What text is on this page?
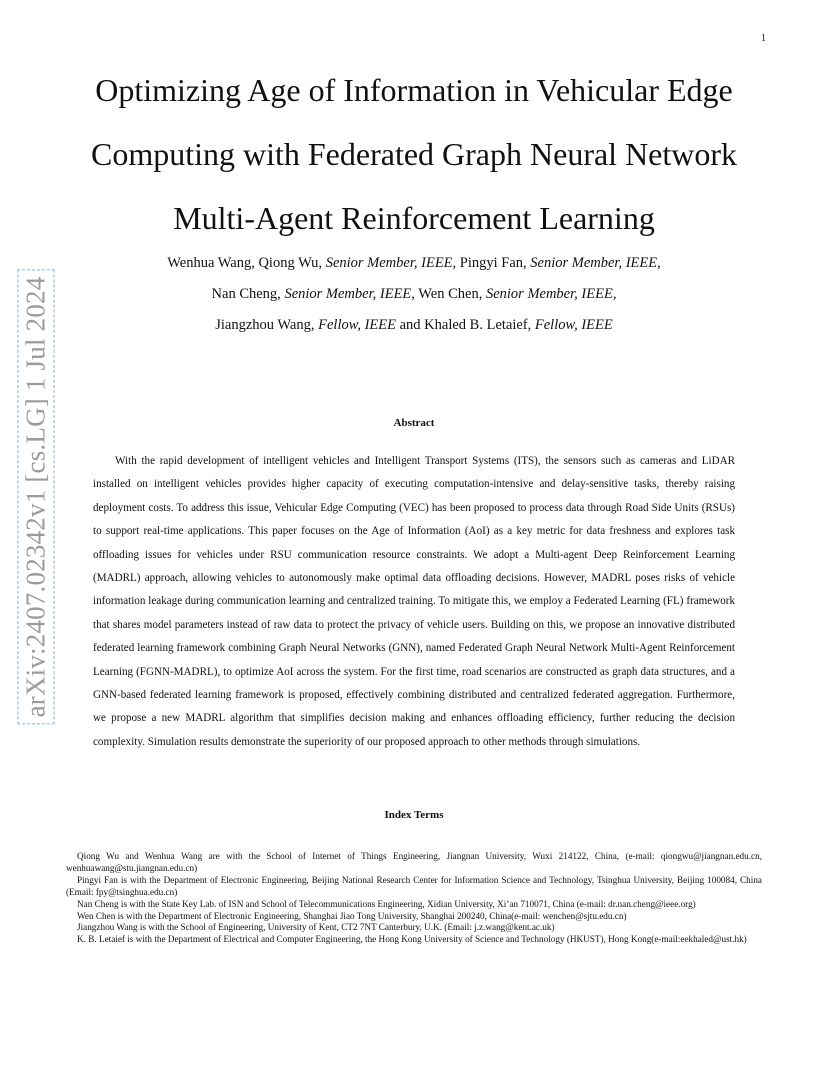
1
arXiv:2407.02342v1 [cs.LG] 1 Jul 2024
Optimizing Age of Information in Vehicular Edge
Computing with Federated Graph Neural Network
Multi-Agent Reinforcement Learning
Wenhua Wang, Qiong Wu, Senior Member, IEEE, Pingyi Fan, Senior Member, IEEE,
Nan Cheng, Senior Member, IEEE, Wen Chen, Senior Member, IEEE,
Jiangzhou Wang, Fellow, IEEE and Khaled B. Letaief, Fellow, IEEE
Abstract

With the rapid development of intelligent vehicles and Intelligent Transport Systems (ITS), the sensors such as cameras and LiDAR installed on intelligent vehicles provides higher capacity of executing computation-intensive and delay-sensitive tasks, thereby raising deployment costs. To address this issue, Vehicular Edge Computing (VEC) has been proposed to process data through Road Side Units (RSUs) to support real-time applications. This paper focuses on the Age of Information (AoI) as a key metric for data freshness and explores task offloading issues for vehicles under RSU communication resource constraints. We adopt a Multi-agent Deep Reinforcement Learning (MADRL) approach, allowing vehicles to autonomously make optimal data offloading decisions. However, MADRL poses risks of vehicle information leakage during communication learning and centralized training. To mitigate this, we employ a Federated Learning (FL) framework that shares model parameters instead of raw data to protect the privacy of vehicle users. Building on this, we propose an innovative distributed federated learning framework combining Graph Neural Networks (GNN), named Federated Graph Neural Network Multi-Agent Reinforcement Learning (FGNN-MADRL), to optimize AoI across the system. For the first time, road scenarios are constructed as graph data structures, and a GNN-based federated learning framework is proposed, effectively combining distributed and centralized federated aggregation. Furthermore, we propose a new MADRL algorithm that simplifies decision making and enhances offloading efficiency, further reducing the decision complexity. Simulation results demonstrate the superiority of our proposed approach to other methods through simulations.

Index Terms

Qiong Wu and Wenhua Wang are with the School of Internet of Things Engineering, Jiangnan University, Wuxi 214122, China, (e-mail: qiongwu@jiangnan.edu.cn, wenhuawang@stu.jiangnan.edu.cn)

Pingyi Fan is with the Department of Electronic Engineering, Beijing National Research Center for Information Science and Technology, Tsinghua University, Beijing 100084, China (Email: fpy@tsinghua.edu.cn)

Nan Cheng is with the State Key Lab. of ISN and School of Telecommunications Engineering, Xidian University, Xi’an 710071, China (e-mail: dr.nan.cheng@ieee.org)

Wen Chen is with the Department of Electronic Engineering, Shanghai Jiao Tong University, Shanghai 200240, China(e-mail: wenchen@sjtu.edu.cn)

Jiangzhou Wang is with the School of Engineering, University of Kent, CT2 7NT Canterbury, U.K. (Email: j.z.wang@kent.ac.uk)

K. B. Letaief is with the Department of Electrical and Computer Engineering, the Hong Kong University of Science and Technology (HKUST), Hong Kong(e-mail:eekhaled@ust.hk)
